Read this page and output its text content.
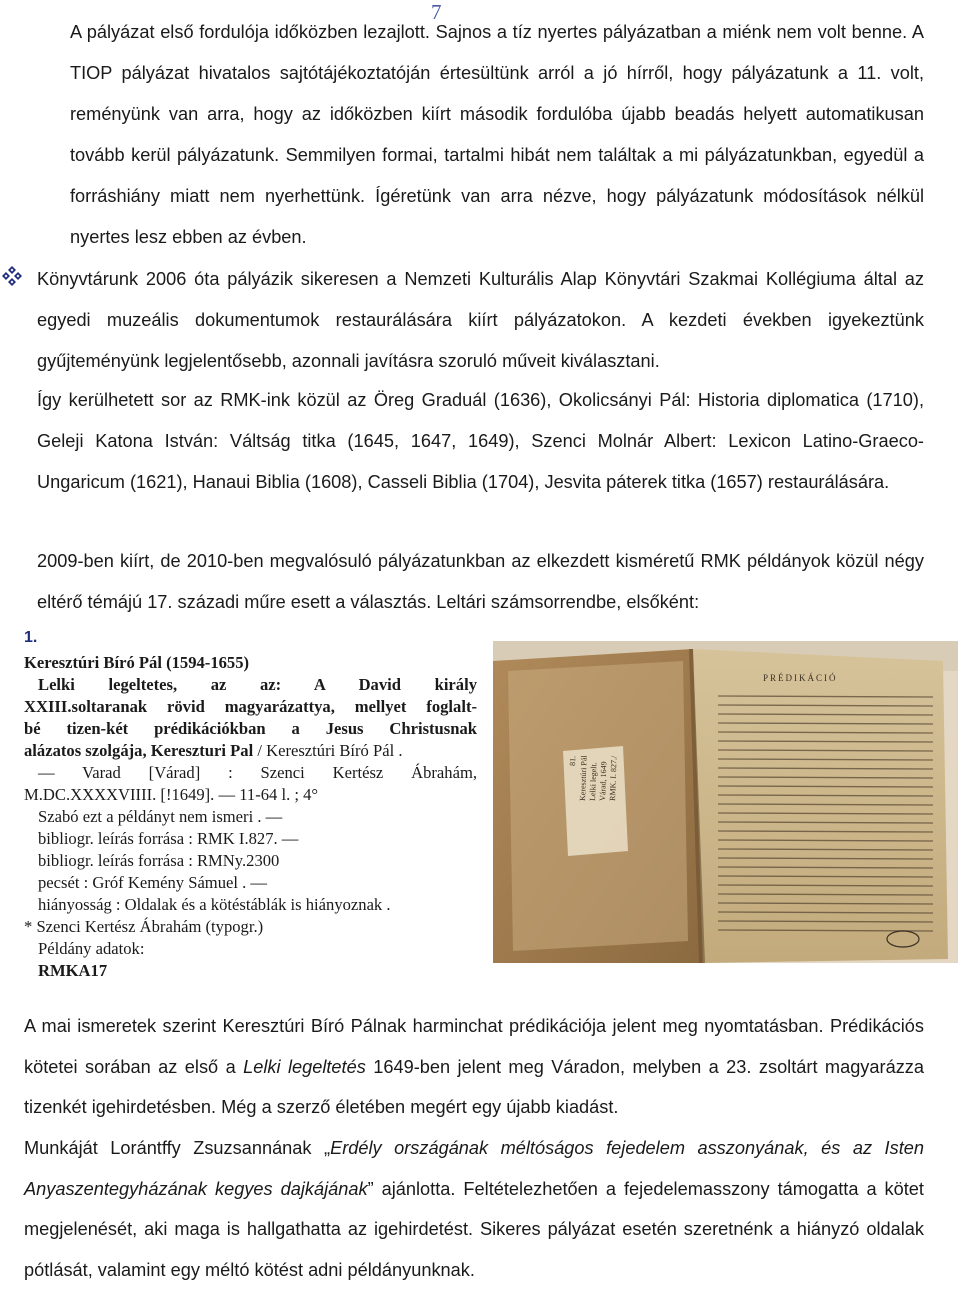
7

A pályázat első fordulója időközben lezajlott. Sajnos a tíz nyertes pályázatban a miénk nem volt benne. A TIOP pályázat hivatalos sajtótájékoztatóján értesültünk arról a jó hírről, hogy pályázatunk a 11. volt, reményünk van arra, hogy az időközben kiírt második fordulóba újabb beadás helyett automatikusan tovább kerül pályázatunk. Semmilyen formai, tartalmi hibát nem találtak a mi pályázatunkban, egyedül a forráshiány miatt nem nyerhettünk. Ígéretünk van arra nézve, hogy pályázatunk módosítások nélkül nyertes lesz ebben az évben.

Könyvtárunk 2006 óta pályázik sikeresen a Nemzeti Kulturális Alap Könyvtári Szakmai Kollégiuma által az egyedi muzeális dokumentumok restaurálására kiírt pályázatokon. A kezdeti években igyekeztünk gyűjteményünk legjelentősebb, azonnali javításra szoruló műveit kiválasztani.

Így kerülhetett sor az RMK-ink közül az Öreg Graduál (1636), Okolicsányi Pál: Historia diplomatica (1710), Geleji Katona István: Váltság titka (1645, 1647, 1649), Szenci Molnár Albert: Lexicon Latino-Graeco-Ungaricum (1621), Hanaui Biblia (1608), Casseli Biblia (1704), Jesvita páterek titka (1657) restaurálására.

2009-ben kiírt, de 2010-ben megvalósuló pályázatunkban az elkezdett kisméretű RMK példányok közül négy eltérő témájú 17. századi műre esett a választás. Leltári számsorrendbe, elsőként:

1.
Keresztúri Bíró Pál (1594-1655)
Lelki legeltetes, az az: A David király
XXIII.soltaranak rövid magyarázattya, mellyet foglalt-
bé tizen-két prédikációkban a Jesus Christusnak
alázatos szolgája, Kereszturi Pal / Keresztúri Bíró Pál .
— Varad [Várad] : Szenci Kertész Ábrahám,
M.DC.XXXXVIIII. [!1649]. — 11-64 l. ; 4°
Szabó ezt a példányt nem ismeri . —
bibliogr. leírás forrása : RMK I.827. —
bibliogr. leírás forrása : RMNy.2300
pecsét : Gróf Kemény Sámuel . —
hiányosság : Oldalak és a kötéstáblák is hiányoznak .
* Szenci Kertész Ábrahám (typogr.)
Példány adatok:
RMKA17
81. Keresztúri Pál Lelki legelt. Várad, 1649 RMK. I. 827./
PRÉDIKÁCIÓ

A mai ismeretek szerint Keresztúri Bíró Pálnak harminchat prédikációja jelent meg nyomtatásban. Prédikációs kötetei sorában az első a Lelki legeltetés 1649-ben jelent meg Váradon, melyben a 23. zsoltárt magyarázza tizenkét igehirdetésben. Még a szerző életében megért egy újabb kiadást.

Munkáját Lorántffy Zsuzsannának „Erdély országának méltóságos fejedelem asszonyának, és az Isten Anyaszentegyházának kegyes dajkájának” ajánlotta. Feltételezhetően a fejedelemasszony támogatta a kötet megjelenését, aki maga is hallgathatta az igehirdetést. Sikeres pályázat esetén szeretnénk a hiányzó oldalak pótlását, valamint egy méltó kötést adni példányunknak.
